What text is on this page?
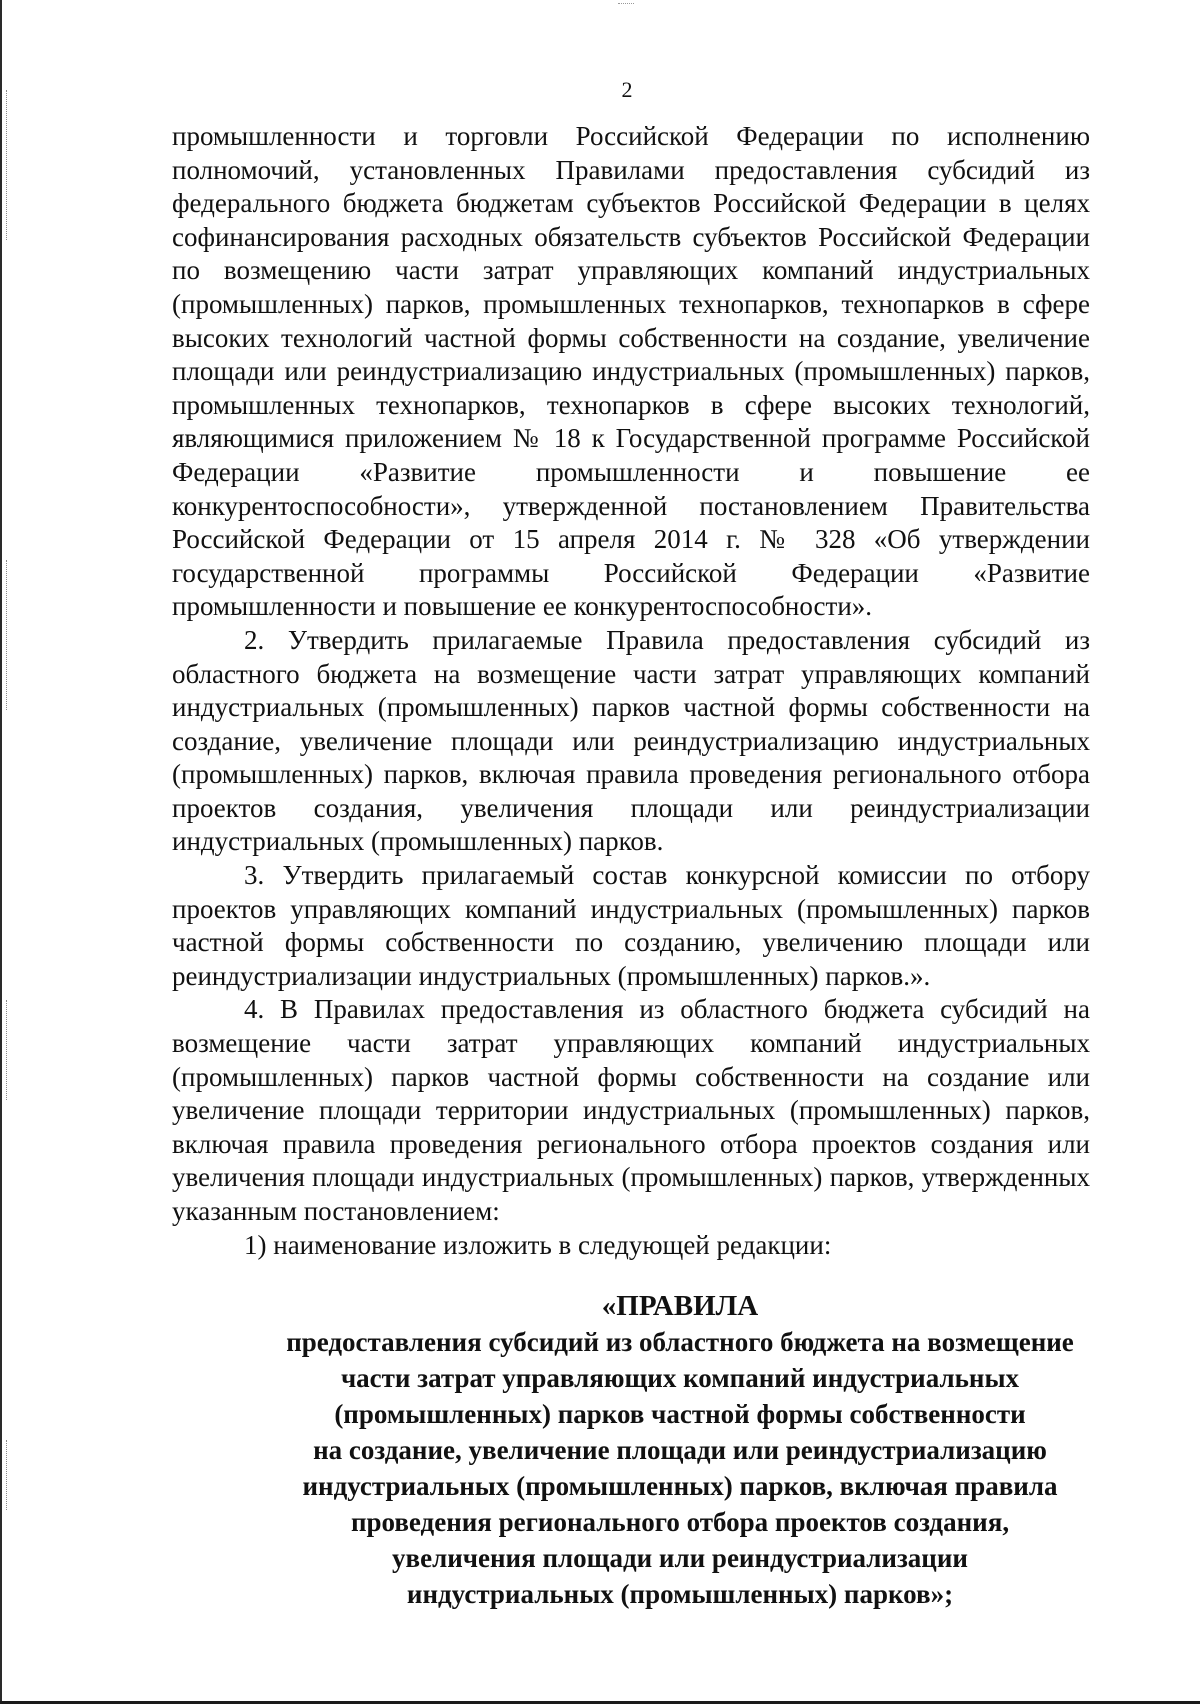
2

промышленности и торговли Российской Федерации по исполнению полномочий, установленных Правилами предоставления субсидий из федерального бюджета бюджетам субъектов Российской Федерации в целях софинансирования расходных обязательств субъектов Российской Федерации по возмещению части затрат управляющих компаний индустриальных (промышленных) парков, промышленных технопарков, технопарков в сфере высоких технологий частной формы собственности на создание, увеличение площади или реиндустриализацию индустриальных (промышленных) парков, промышленных технопарков, технопарков в сфере высоких технологий, являющимися приложением № 18 к Государственной программе Российской Федерации «Развитие промышленности и повышение ее конкурентоспособности», утвержденной постановлением Правительства Российской Федерации от 15 апреля 2014 г. № 328 «Об утверждении государственной программы Российской Федерации «Развитие промышленности и повышение ее конкурентоспособности».

2. Утвердить прилагаемые Правила предоставления субсидий из областного бюджета на возмещение части затрат управляющих компаний индустриальных (промышленных) парков частной формы собственности на создание, увеличение площади или реиндустриализацию индустриальных (промышленных) парков, включая правила проведения регионального отбора проектов создания, увеличения площади или реиндустриализации индустриальных (промышленных) парков.

3. Утвердить прилагаемый состав конкурсной комиссии по отбору проектов управляющих компаний индустриальных (промышленных) парков частной формы собственности по созданию, увеличению площади или реиндустриализации индустриальных (промышленных) парков.».

4. В Правилах предоставления из областного бюджета субсидий на возмещение части затрат управляющих компаний индустриальных (промышленных) парков частной формы собственности на создание или увеличение площади территории индустриальных (промышленных) парков, включая правила проведения регионального отбора проектов создания или увеличения площади индустриальных (промышленных) парков, утвержденных указанным постановлением:

1) наименование изложить в следующей редакции:

«ПРАВИЛА
предоставления субсидий из областного бюджета на возмещение
части затрат управляющих компаний индустриальных
(промышленных) парков частной формы собственности
на создание, увеличение площади или реиндустриализацию
индустриальных (промышленных) парков, включая правила
проведения регионального отбора проектов создания,
увеличения площади или реиндустриализации
индустриальных (промышленных) парков»;
